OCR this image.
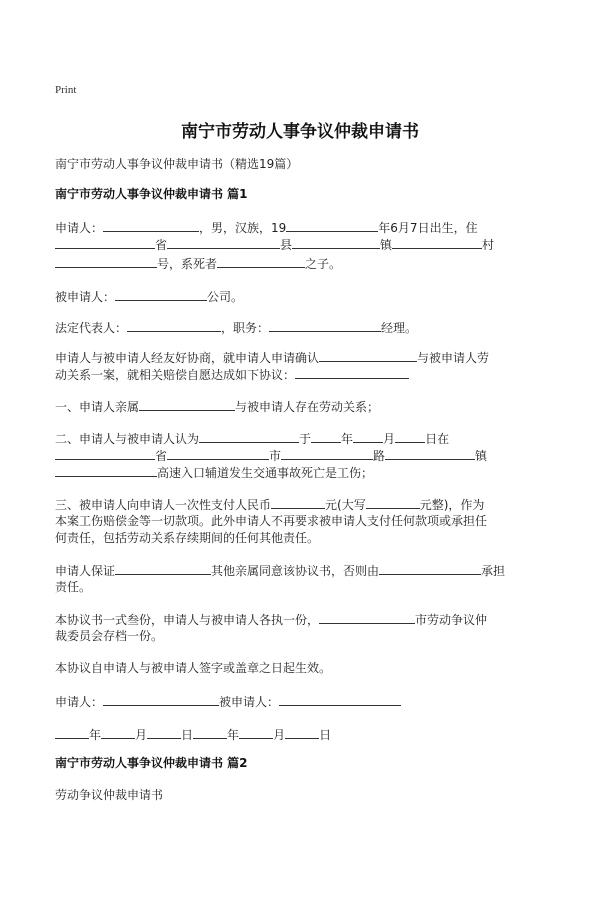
Print
南宁市劳动人事争议仲裁申请书
南宁市劳动人事争议仲裁申请书（精选19篇）
南宁市劳动人事争议仲裁申请书 篇1
申请人：	，男，汉族，19	年6月7日出生，住
省	县	镇	村
号，系死者	之子。
被申请人：	公司。
法定代表人：	，职务：	经理。
申请人与被申请人经友好协商，就申请人申请确认	与被申请人劳
动关系一案，就相关赔偿自愿达成如下协议：
一、申请人亲属	与被申请人存在劳动关系；
二、申请人与被申请人认为	于	年	月	日在
省	市	路	镇
高速入口辅道发生交通事故死亡是工伤；
三、被申请人向申请人一次性支付人民币	元(大写	元整)，作为
本案工伤赔偿金等一切款项。此外申请人不再要求被申请人支付任何款项或承担任
何责任，包括劳动关系存续期间的任何其他责任。
申请人保证	其他亲属同意该协议书，否则由	承担
责任。
本协议书一式叁份，申请人与被申请人各执一份，	市劳动争议仲
裁委员会存档一份。
本协议自申请人与被申请人签字或盖章之日起生效。
申请人：	被申请人：
年	月	日	年	月	日
南宁市劳动人事争议仲裁申请书 篇2
劳动争议仲裁申请书
